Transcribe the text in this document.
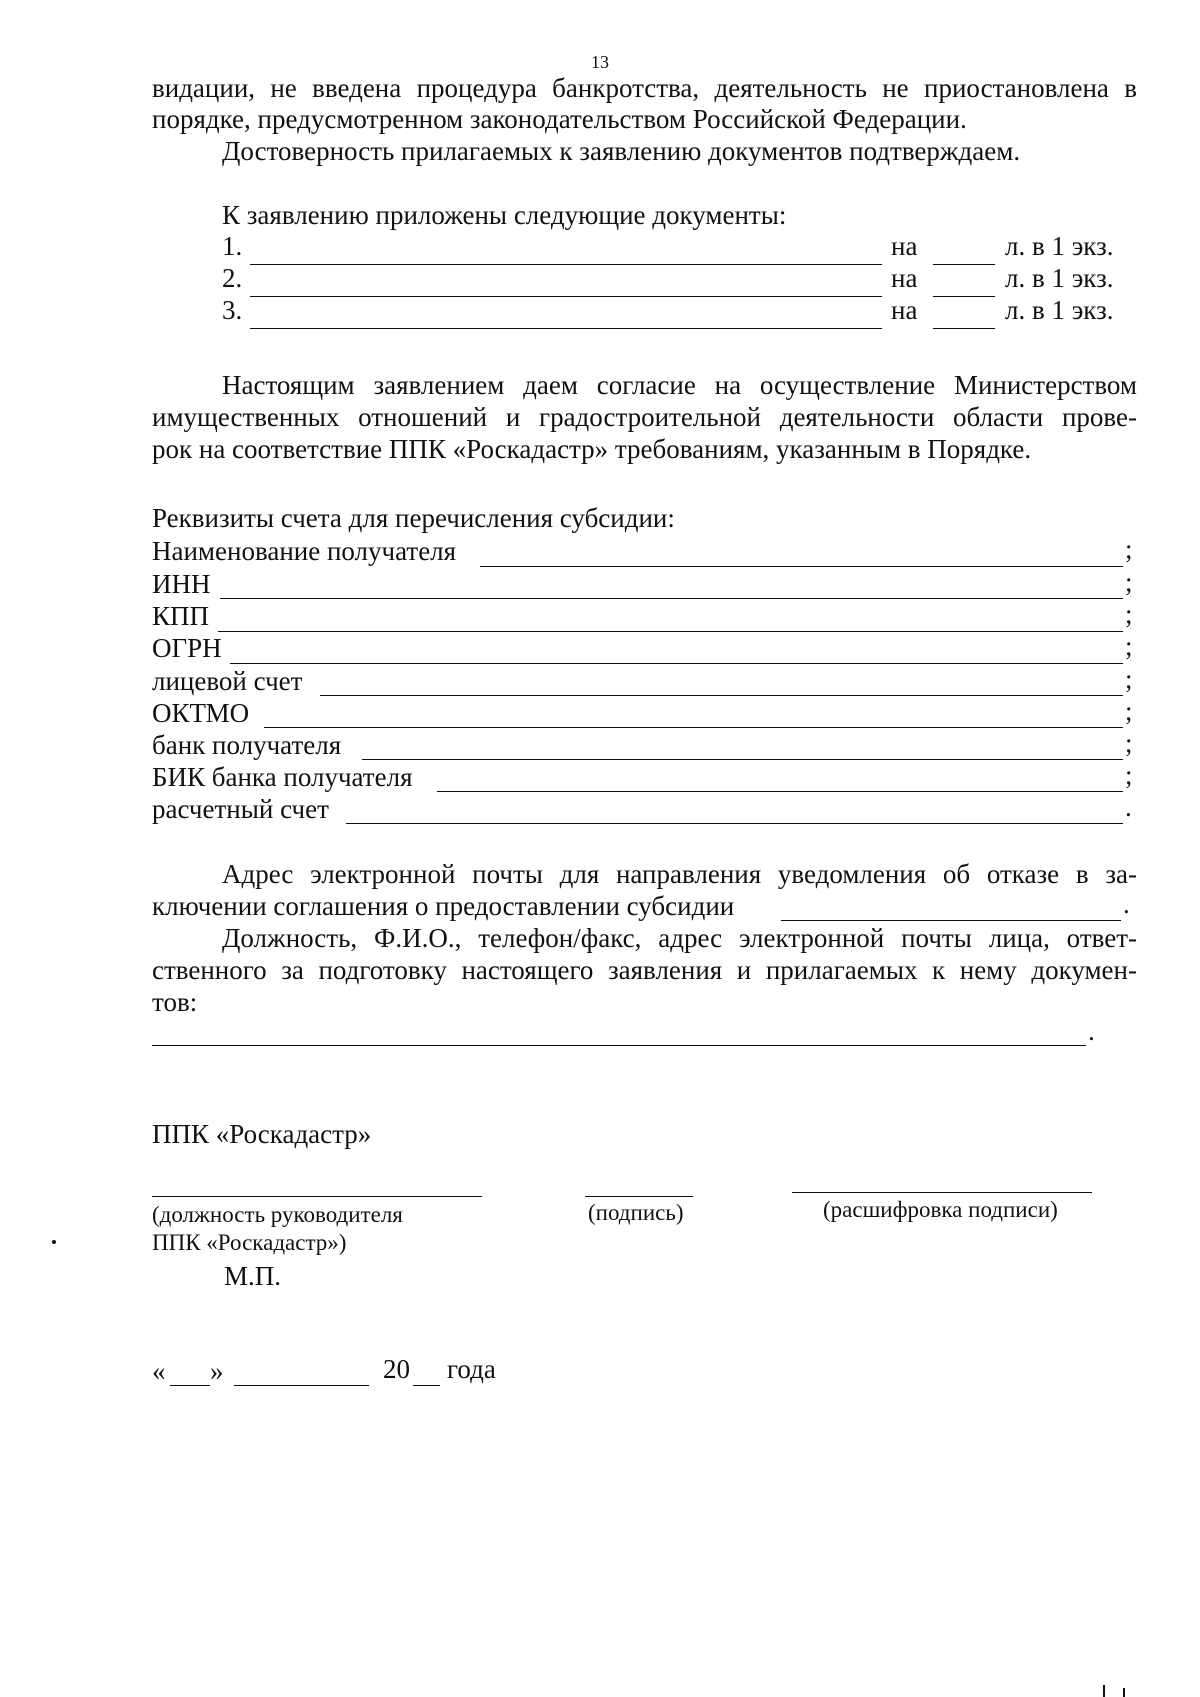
13
видации, не введена процедура банкротства, деятельность не приостановлена в
порядке, предусмотренном законодательством Российской Федерации.
Достоверность прилагаемых к заявлению документов подтверждаем.
К заявлению приложены следующие документы:
1.	на	л. в 1 экз.
2.	на	л. в 1 экз.
3.	на	л. в 1 экз.
Настоящим заявлением даем согласие на осуществление Министерством
имущественных отношений и градостроительной деятельности области прове-
рок на соответствие ППК «Роскадастр» требованиям, указанным в Порядке.
Реквизиты счета для перечисления субсидии:
Наименование получателя	;
ИНН	;
КПП	;
ОГРН	;
лицевой счет	;
ОКТМО	;
банк получателя	;
БИК банка получателя	;
расчетный счет	.
Адрес электронной почты для направления уведомления об отказе в за-
ключении соглашения о предоставлении субсидии	.
Должность, Ф.И.О., телефон/факс, адрес электронной почты лица, ответ-
ственного за подготовку настоящего заявления и прилагаемых к нему докумен-
тов:
.
ППК «Роскадастр»
(должность руководителя
ППК «Роскадастр»)
(подпись)	(расшифровка подписи)
М.П.
« »	20 года
